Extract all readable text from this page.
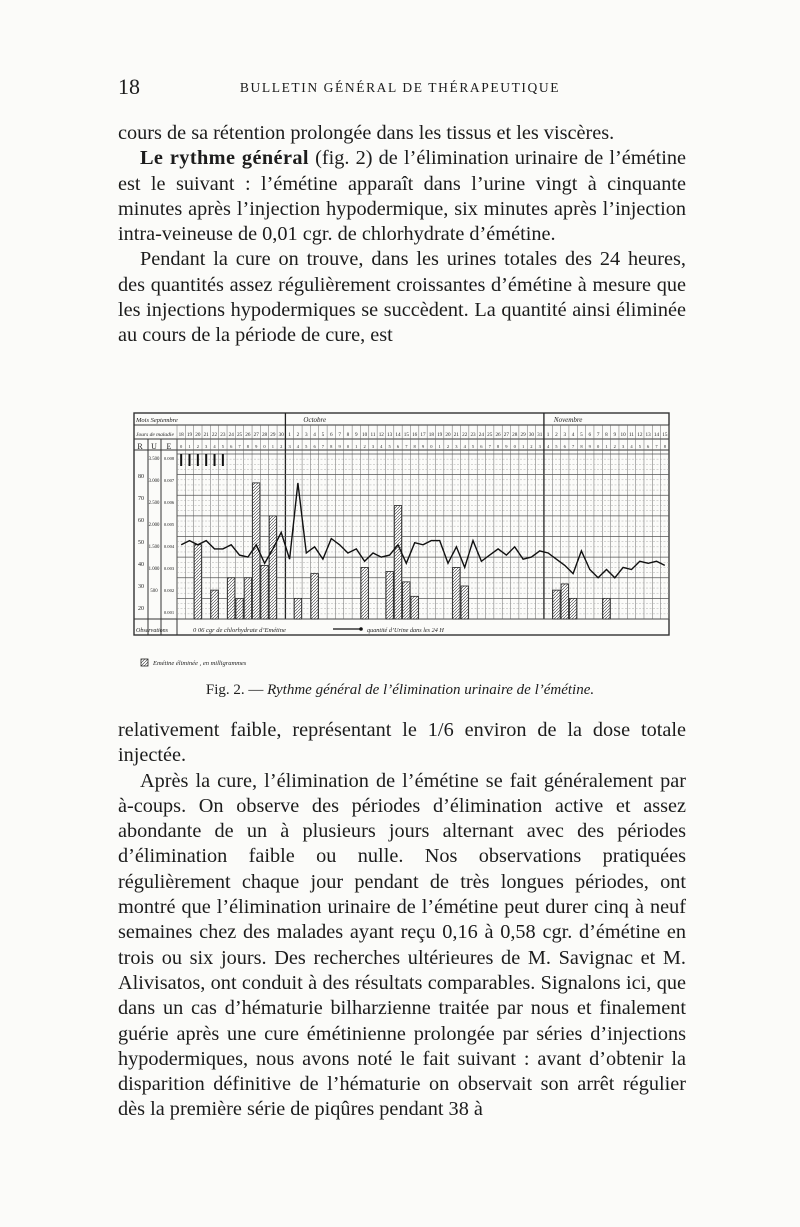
18	BULLETIN GÉNÉRAL DE THÉRAPEUTIQUE

cours de sa rétention prolongée dans les tissus et les viscères.

Le rythme général (fig. 2) de l’élimination urinaire de l’émétine est le suivant : l’émétine apparaît dans l’urine vingt à cinquante minutes après l’injection hypodermique, six minutes après l’injection intra-veineuse de 0,01 cgr. de chlorhydrate d’émétine.

Pendant la cure on trouve, dans les urines totales des 24 heures, des quantités assez régulièrement croissantes d’émétine à mesure que les injections hypodermiques se succèdent. La quantité ainsi éliminée au cours de la période de cure, est

Mois Septembre
Jours de maladie
Octobre	Novembre
R U E
18 19 20 21 22 23 24 25 26 27 28 29 30 1 2 3 4 5 6 7 8 9 10 11 12 13 14 15 16 17 18 19 20 21 22 23 24 25 26 27 28 29 30 31 1 2 3 4 5 6 7 8 9 10 11 12 13 14 15
0 1 2 3 4 5 6 7 8 9 0 1 2 3 4 5 6 7 8 9 0 1 2 3 4 5 6 7 8 9 0 1 2 3 4 5 6 7 8 9 0 1 2 3 4 5 6 7 8 9 0 1 2 3 4 5 6 7 8
80
70
60
50
40
30
20
3.500
3.000
2.500
2.000
1.500
1.000
500
0.008
0.007
0.006
0.005
0.004
0.003
0.002
0.001
Observations	0 06 cgr de chlorhydrate d’Emétine	quantité d’Urine dans les 24 H
Emétine éliminée , en milligrammes
Fig. 2. — Rythme général de l’élimination urinaire de l’émétine.

relativement faible, représentant le 1/6 environ de la dose totale injectée.

Après la cure, l’élimination de l’émétine se fait généralement par à-coups. On observe des périodes d’élimination active et assez abondante de un à plusieurs jours alternant avec des périodes d’élimination faible ou nulle. Nos observations pratiquées régulièrement chaque jour pendant de très longues périodes, ont montré que l’élimination urinaire de l’émétine peut durer cinq à neuf semaines chez des malades ayant reçu 0,16 à 0,58 cgr. d’émétine en trois ou six jours. Des recherches ultérieures de M. Savignac et M. Alivisatos, ont conduit à des résultats comparables. Signalons ici, que dans un cas d’hématurie bilharzienne traitée par nous et finalement guérie après une cure émétinienne prolongée par séries d’injections hypodermiques, nous avons noté le fait suivant : avant d’obtenir la disparition définitive de l’hématurie on observait son arrêt régulier dès la première série de piqûres pendant 38 à
